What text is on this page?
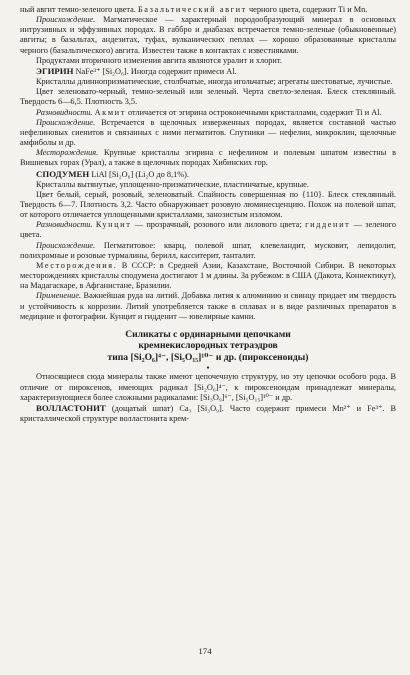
ный авгит темно-зеленого цвета. Базальтический авгит черного цвета, содержит Ti и Mn.

Происхождение. Магматическое — характерный породообразующий минерал в основных интрузивных и эффузивных породах. В габбро и диабазах встречается темно-зеленые (обыкновенные) авгиты; в базальтах, андезитах, туфах, вулканических пеплах — хорошо образованные кристаллы черного (базальтического) авгита. Известен также в контактах с известняками.

Продуктами вторичного изменения авгита являются уралит и хлорит.

ЭГИРИН NaFe³⁺ [Si₂O₆]. Иногда содержит примеси Al.

Кристаллы длиннопризматические, столбчатые, иногда игольчатые; агрегаты шестоватые, лучистые.

Цвет зеленовато-черный, темно-зеленый или зеленый. Черта светло-зеленая. Блеск стеклянный. Твердость 6—6,5. Плотность 3,5.

Разновидности. Акмит отличается от эгирина остроконечными кристаллами, содержит Ti и Al.

Происхождение. Встречается в щелочных изверженных породах, является составной частью нефелиновых сиенитов и связанных с ними пегматитов. Спутники — нефелин, микроклин, щелочные амфиболы и др.

Месторождения. Крупные кристаллы эгирина с нефелином и полевым шпатом известны в Вишневых горах (Урал), а также в щелочных породах Хибинских гор.

СПОДУМЕН LiAl [Si₂O₆] (Li₂O до 8,1%).

Кристаллы вытянутые, уплощенно-призматические, пластинчатые, крупные.

Цвет белый, серый, розовый, зеленоватый. Спайность совершенная по {110}. Блеск стеклянный. Твердость 6—7. Плотность 3,2. Часто обнаруживает розовую люминесценцию. Похож на полевой шпат, от которого отличается уплощенными кристаллами, занозистым изломом.

Разновидности. Кунцит — прозрачный, розового или лилового цвета; гидденит — зеленого цвета.

Происхождение. Пегматитовое: кварц, полевой шпат, клевеландит, мусковит, лепидолит, полихромные и розовые турмалины, берилл, касситерит, танталит.

Месторождения. В СССР: в Средней Азии, Казахстане, Восточной Сибири. В некоторых месторождениях кристаллы сподумена достигают 1 м длины. За рубежом: в США (Дакота, Коннектикут), на Мадагаскаре, в Афганистане, Бразилии.

Применение. Важнейшая руда на литий. Добавка лития к алюминию и свинцу придает им твердость и устойчивость к коррозии. Литий употребляется также в сплавах и в виде различных препаратов в медицине и фотографии. Кунцит и гидденит — ювелирные камни.

Силикаты с ординарными цепочками
кремнекислородных тетраэдров
типа [Si₂O₆]⁴⁻, [Si₅O₁₅]¹⁰⁻ и др. (пироксеноиды)
●

Относящиеся сюда минералы также имеют цепочечную структуру, но эту цепочки особого рода. В отличие от пироксенов, имеющих радикал [Si₂O₆]⁴⁻, к пироксеноидам принадлежат минералы, характеризующиеся более сложными радикалами: [Si₃O₉]⁶⁻, [Si₅O₁₅]¹⁰⁻ и др.

ВОЛЛАСТОНИТ (дощатый шпат) Ca₃ [Si₃O₉]. Часто содержит примеси Mn²⁺ и Fe³⁺. В кристаллической структуре волластонита крем-

174
